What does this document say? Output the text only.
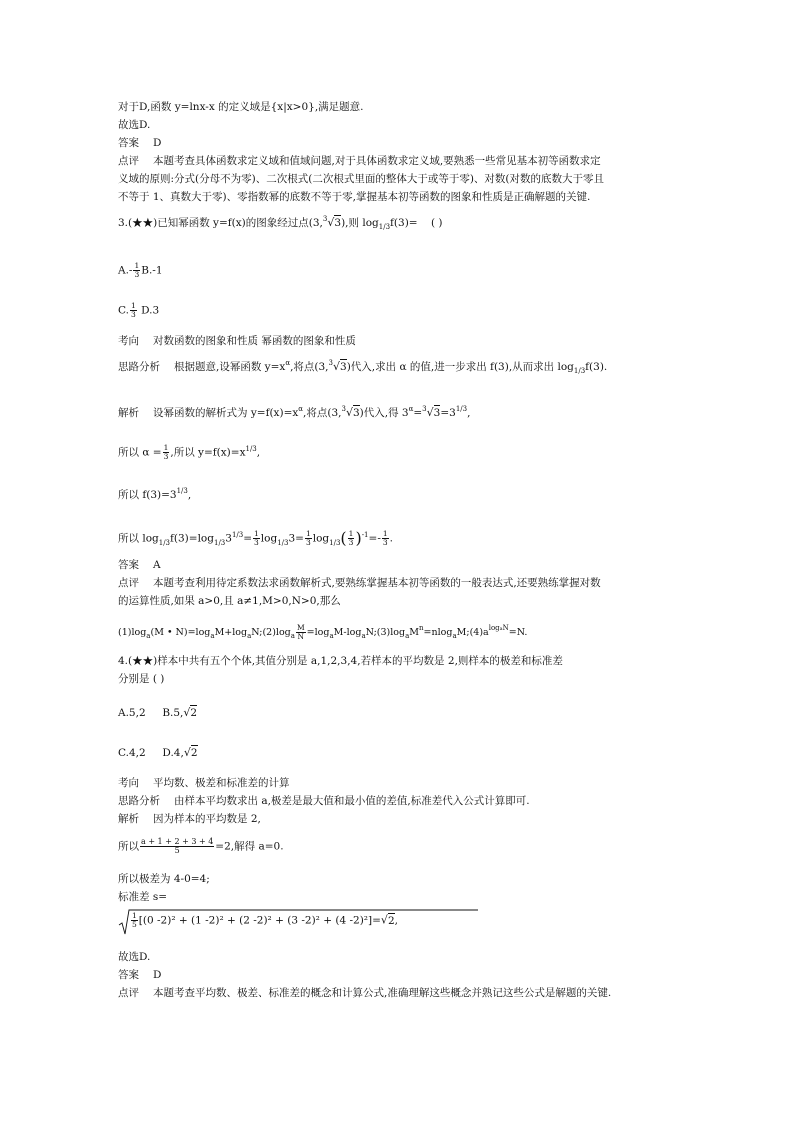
对于D,函数 y=lnx-x 的定义域是{x|x>0},满足题意.
故选D.
答案 D
点评 本题考查具体函数求定义域和值域问题,对于具体函数求定义域,要熟悉一些常见基本初等函数求定
义域的原则:分式(分母不为零)、二次根式(二次根式里面的整体大于或等于零)、对数(对数的底数大于零且
不等于 1、真数大于零)、零指数幂的底数不等于零,掌握基本初等函数的图象和性质是正确解题的关键.
3.(★★)已知幂函数 y=f(x)的图象经过点(3,$^3$√3),则 $\log_{1/3}f(3)=$ ( )
$A.- \frac{1}{3} B.-1$
C. $\frac{1}{3} D.3$
考向 对数函数的图象和性质 幂函数的图象和性质
思路分析 根据题意,设幂函数 $y=x^\alpha$,将点(3,$^3$√3)代入,求出 α 的值,进一步求出 f(3),从而求出 $\log_{1/3}f(3)$.
解析 设幂函数的解析式为 $y=f(x)=x^\alpha$,将点(3,$^3$√3)代入,得 $3^\alpha=^3√3=3^{1/3}$,
所以 $\alpha = \frac{1}{3}$ ,所以 $y=f(x)=x^{1/3}$,
所以 $f(3)=3^{1/3}$,
所以 $\log_{1/3}f(3)=\log_{1/3}3^{1/3}= \frac{1}{3} \log_{1/3}3= \frac{1}{3} \log_{1/3}( \frac{1}{3} )^{-1}=- \frac{1}{3}$ .
答案 A
点评 本题考查利用待定系数法求函数解析式,要熟练掌握基本初等函数的一般表达式,还要熟练掌握对数
的运算性质,如果 a>0,且 a≠1,M>0,N>0,那么
$(1)\log_a(M$ • $N)=\log_aM+\log_aN;(2)\log_a \frac{M}{N}$ $=\log_aM-\log_aN;(3)\log_aM^n=nlog_aM;(4)a^{logaN}=N$.
4.(★★)样本中共有五个个体,其值分别是 a,1,2,3,4,若样本的平均数是 2,则样本的极差和标准差
分别是 ( )
A.5,2 B.5,√2
C.4,2 D.4,√2
考向 平均数、极差和标准差的计算
思路分析 由样本平均数求出 a,极差是最大值和最小值的差值,标准差代入公式计算即可.
解析 因为样本的平均数是 2,
所以 $\frac{a + 1 + 2 + 3 + 4}{5} =2$,解得 a=0.
所以极差为 4-0=4;
标准差 s=
$\frac{1}{5} [(0$ -2)² + (1 -2)² + (2 -2)² + (3 -2)² + (4 -2)²]=√2,
故选D.
答案 D
点评 本题考查平均数、极差、标准差的概念和计算公式,准确理解这些概念并熟记这些公式是解题的关键.
